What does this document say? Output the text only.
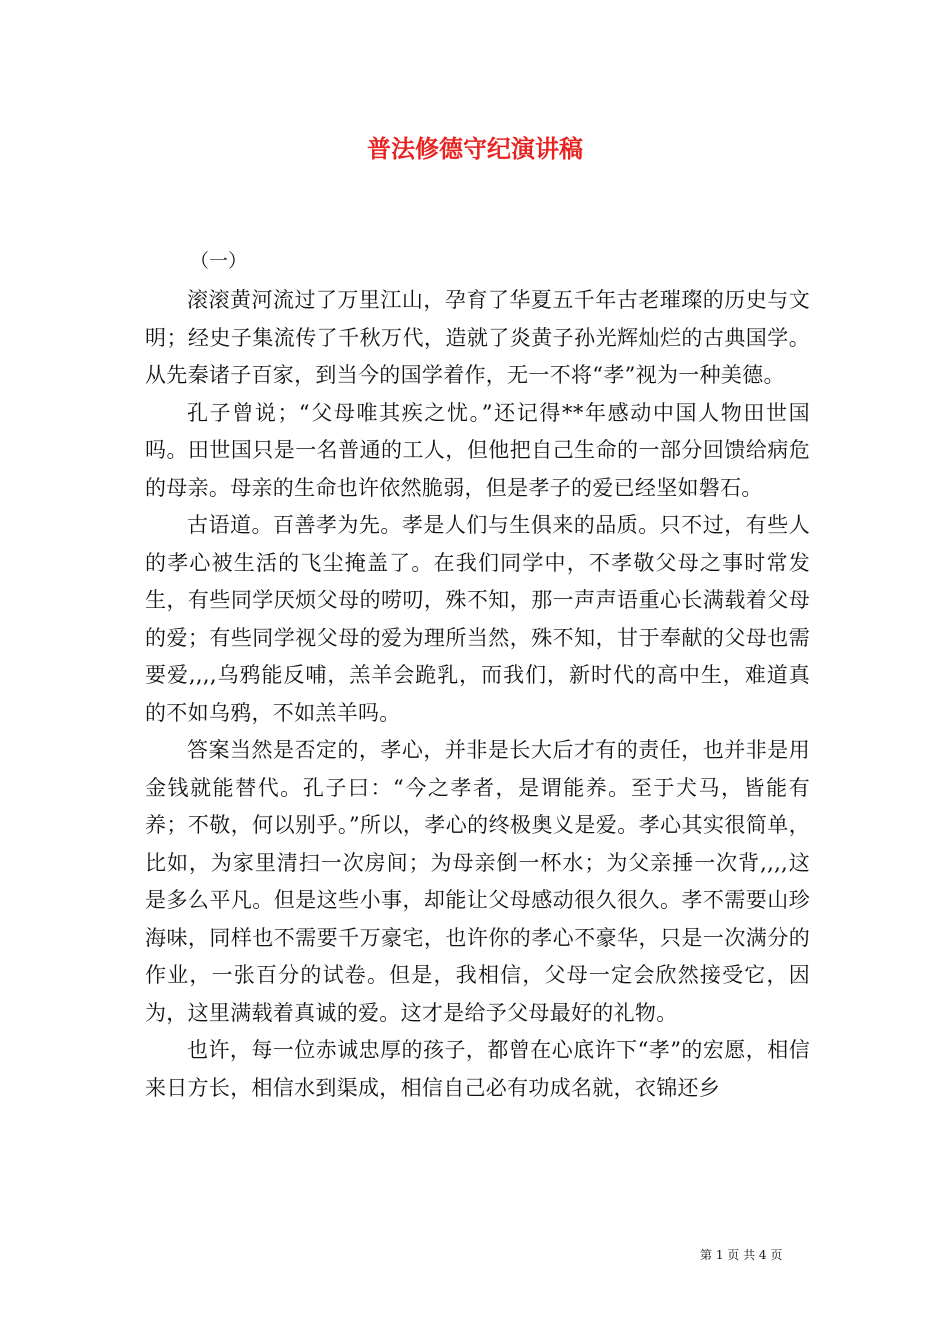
普法修德守纪演讲稿

（一）

滚滚黄河流过了万里江山，孕育了华夏五千年古老璀璨的历史与文明；经史子集流传了千秋万代，造就了炎黄子孙光辉灿烂的古典国学。从先秦诸子百家，到当今的国学着作，无一不将“孝”视为一种美德。

孔子曾说；“父母唯其疾之忧。”还记得**年感动中国人物田世国吗。田世国只是一名普通的工人，但他把自己生命的一部分回馈给病危的母亲。母亲的生命也许依然脆弱，但是孝子的爱已经坚如磐石。

古语道。百善孝为先。孝是人们与生俱来的品质。只不过，有些人的孝心被生活的飞尘掩盖了。在我们同学中，不孝敬父母之事时常发生，有些同学厌烦父母的唠叨，殊不知，那一声声语重心长满载着父母的爱；有些同学视父母的爱为理所当然，殊不知，甘于奉献的父母也需要爱,,,,乌鸦能反哺，羔羊会跪乳，而我们，新时代的高中生，难道真的不如乌鸦，不如羔羊吗。

答案当然是否定的，孝心，并非是长大后才有的责任，也并非是用金钱就能替代。孔子曰：“今之孝者，是谓能养。至于犬马，皆能有养；不敬，何以别乎。”所以，孝心的终极奥义是爱。孝心其实很简单，比如，为家里清扫一次房间；为母亲倒一杯水；为父亲捶一次背,,,,这是多么平凡。但是这些小事，却能让父母感动很久很久。孝不需要山珍海味，同样也不需要千万豪宅，也许你的孝心不豪华，只是一次满分的作业，一张百分的试卷。但是，我相信，父母一定会欣然接受它，因为，这里满载着真诚的爱。这才是给予父母最好的礼物。

也许，每一位赤诚忠厚的孩子，都曾在心底许下“孝”的宏愿，相信来日方长，相信水到渠成，相信自己必有功成名就，衣锦还乡

第 1 页 共 4 页
